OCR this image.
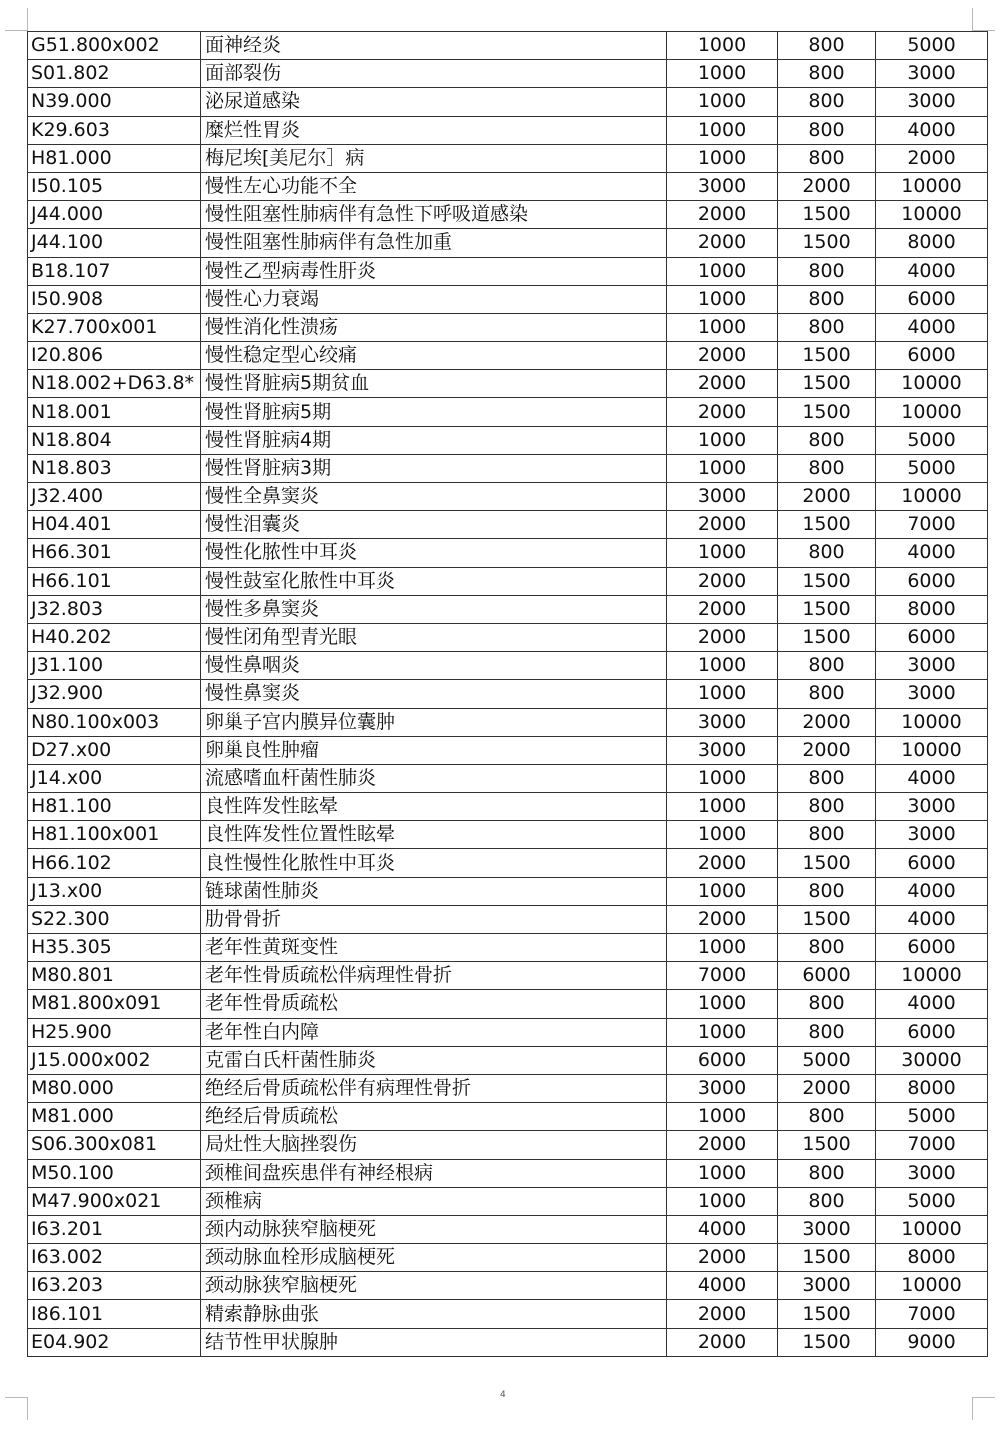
G51.800x002	面神经炎	1000	800	5000
S01.802	面部裂伤	1000	800	3000
N39.000	泌尿道感染	1000	800	3000
K29.603	糜烂性胃炎	1000	800	4000
H81.000	梅尼埃[美尼尔］病	1000	800	2000
I50.105	慢性左心功能不全	3000	2000	10000
J44.000	慢性阻塞性肺病伴有急性下呼吸道感染	2000	1500	10000
J44.100	慢性阻塞性肺病伴有急性加重	2000	1500	8000
B18.107	慢性乙型病毒性肝炎	1000	800	4000
I50.908	慢性心力衰竭	1000	800	6000
K27.700x001	慢性消化性溃疡	1000	800	4000
I20.806	慢性稳定型心绞痛	2000	1500	6000
N18.002+D63.8*	慢性肾脏病5期贫血	2000	1500	10000
N18.001	慢性肾脏病5期	2000	1500	10000
N18.804	慢性肾脏病4期	1000	800	5000
N18.803	慢性肾脏病3期	1000	800	5000
J32.400	慢性全鼻窦炎	3000	2000	10000
H04.401	慢性泪囊炎	2000	1500	7000
H66.301	慢性化脓性中耳炎	1000	800	4000
H66.101	慢性鼓室化脓性中耳炎	2000	1500	6000
J32.803	慢性多鼻窦炎	2000	1500	8000
H40.202	慢性闭角型青光眼	2000	1500	6000
J31.100	慢性鼻咽炎	1000	800	3000
J32.900	慢性鼻窦炎	1000	800	3000
N80.100x003	卵巢子宫内膜异位囊肿	3000	2000	10000
D27.x00	卵巢良性肿瘤	3000	2000	10000
J14.x00	流感嗜血杆菌性肺炎	1000	800	4000
H81.100	良性阵发性眩晕	1000	800	3000
H81.100x001	良性阵发性位置性眩晕	1000	800	3000
H66.102	良性慢性化脓性中耳炎	2000	1500	6000
J13.x00	链球菌性肺炎	1000	800	4000
S22.300	肋骨骨折	2000	1500	4000
H35.305	老年性黄斑变性	1000	800	6000
M80.801	老年性骨质疏松伴病理性骨折	7000	6000	10000
M81.800x091	老年性骨质疏松	1000	800	4000
H25.900	老年性白内障	1000	800	6000
J15.000x002	克雷白氏杆菌性肺炎	6000	5000	30000
M80.000	绝经后骨质疏松伴有病理性骨折	3000	2000	8000
M81.000	绝经后骨质疏松	1000	800	5000
S06.300x081	局灶性大脑挫裂伤	2000	1500	7000
M50.100	颈椎间盘疾患伴有神经根病	1000	800	3000
M47.900x021	颈椎病	1000	800	5000
I63.201	颈内动脉狭窄脑梗死	4000	3000	10000
I63.002	颈动脉血栓形成脑梗死	2000	1500	8000
I63.203	颈动脉狭窄脑梗死	4000	3000	10000
I86.101	精索静脉曲张	2000	1500	7000
E04.902	结节性甲状腺肿	2000	1500	9000
4
